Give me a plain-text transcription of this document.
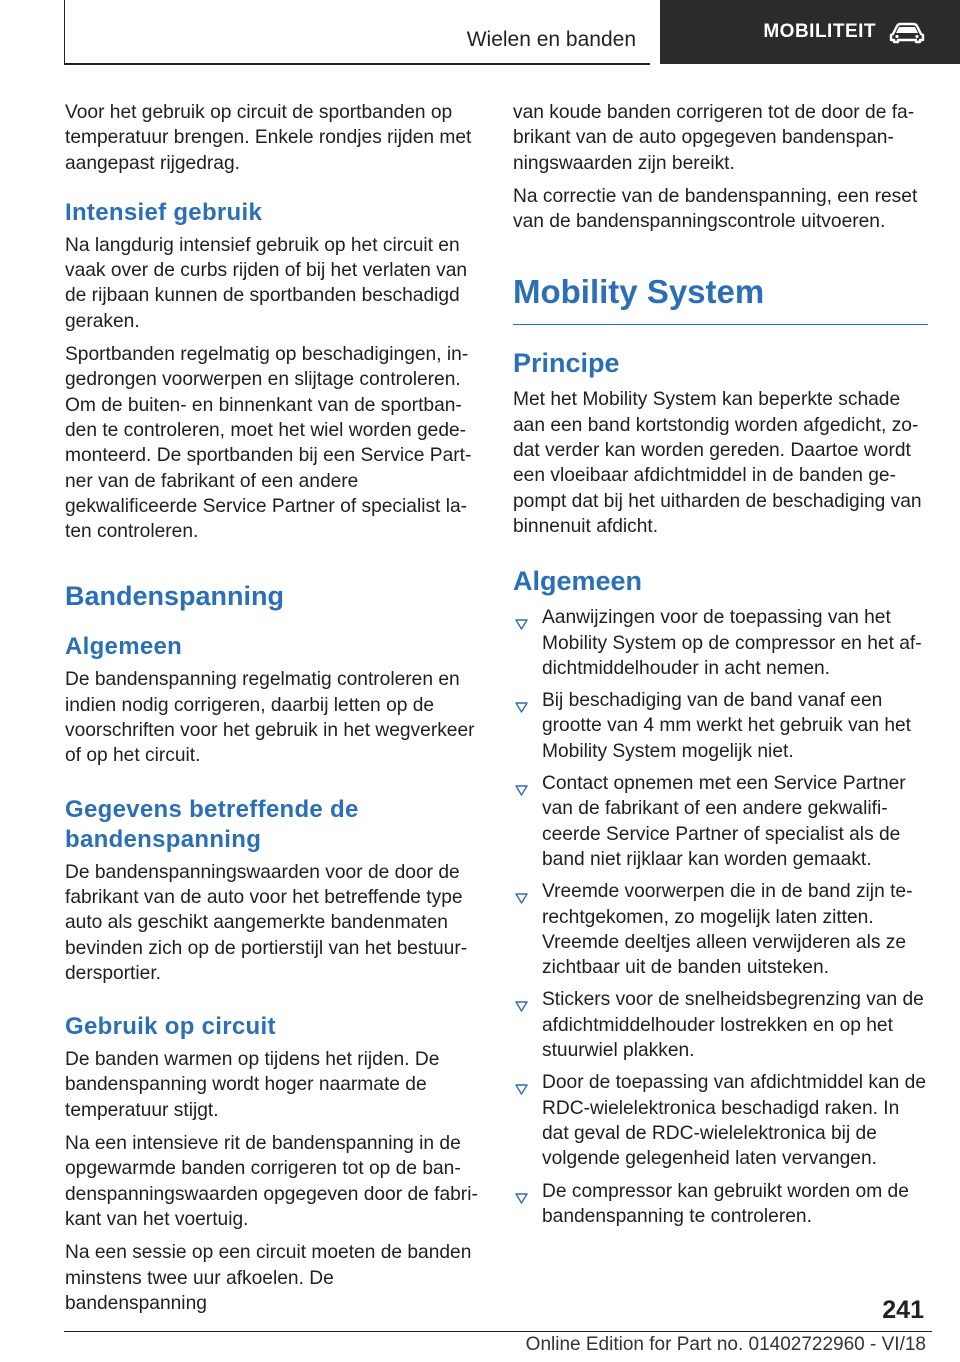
Wielen en banden	MOBILITEIT

Voor het gebruik op circuit de sportbanden op temperatuur brengen. Enkele rondjes rijden met aangepast rijgedrag.

Intensief gebruik

Na langdurig intensief gebruik op het circuit en vaak over de curbs rijden of bij het verlaten van de rijbaan kunnen de sportbanden beschadigd geraken.

Sportbanden regelmatig op beschadigingen, ingedrongen voorwerpen en slijtage controleren. Om de buiten- en binnenkant van de sportbanden te controleren, moet het wiel worden gedemonteerd. De sportbanden bij een Service Partner van de fabrikant of een andere gekwalificeerde Service Partner of specialist laten controleren.

Bandenspanning
Algemeen

De bandenspanning regelmatig controleren en indien nodig corrigeren, daarbij letten op de voorschriften voor het gebruik in het wegverkeer of op het circuit.

Gegevens betreffende de bandenspanning

De bandenspanningswaarden voor de door de fabrikant van de auto voor het betreffende type auto als geschikt aangemerkte bandenmaten bevinden zich op de portierstijl van het bestuurdersportier.

Gebruik op circuit

De banden warmen op tijdens het rijden. De bandenspanning wordt hoger naarmate de temperatuur stijgt.

Na een intensieve rit de bandenspanning in de opgewarmde banden corrigeren tot op de bandenspanningswaarden opgegeven door de fabrikant van het voertuig.

Na een sessie op een circuit moeten de banden minstens twee uur afkoelen. De bandenspanning

van koude banden corrigeren tot de door de fabrikant van de auto opgegeven bandenspanningswaarden zijn bereikt.

Na correctie van de bandenspanning, een reset van de bandenspanningscontrole uitvoeren.

Mobility System
Principe

Met het Mobility System kan beperkte schade aan een band kortstondig worden afgedicht, zodat verder kan worden gereden. Daartoe wordt een vloeibaar afdichtmiddel in de banden gepompt dat bij het uitharden de beschadiging van binnenuit afdicht.

Algemeen
Aanwijzingen voor de toepassing van het Mobility System op de compressor en het afdichtmiddelhouder in acht nemen.
Bij beschadiging van de band vanaf een grootte van 4 mm werkt het gebruik van het Mobility System mogelijk niet.
Contact opnemen met een Service Partner van de fabrikant of een andere gekwalificeerde Service Partner of specialist als de band niet rijklaar kan worden gemaakt.
Vreemde voorwerpen die in de band zijn terechtgekomen, zo mogelijk laten zitten. Vreemde deeltjes alleen verwijderen als ze zichtbaar uit de banden uitsteken.
Stickers voor de snelheidsbegrenzing van de afdichtmiddelhouder lostrekken en op het stuurwiel plakken.
Door de toepassing van afdichtmiddel kan de RDC-wielelektronica beschadigd raken. In dat geval de RDC-wielelektronica bij de volgende gelegenheid laten vervangen.
De compressor kan gebruikt worden om de bandenspanning te controleren.
241
Online Edition for Part no. 01402722960 - VI/18
